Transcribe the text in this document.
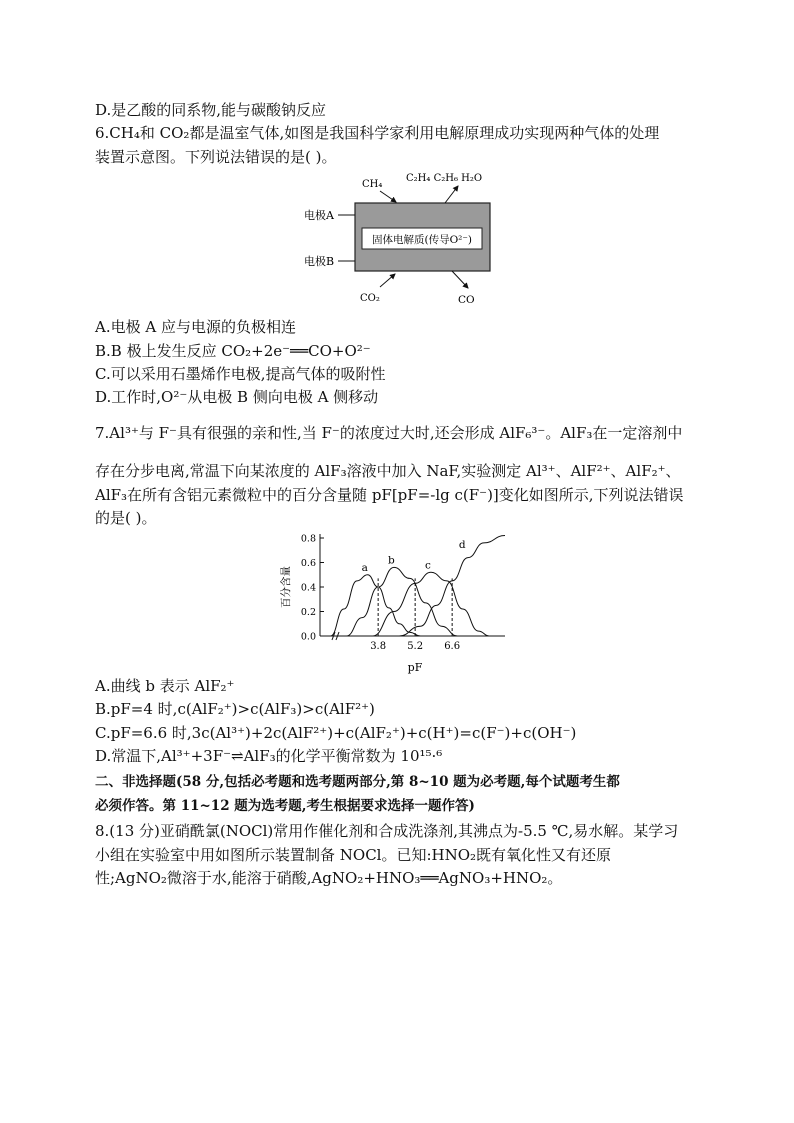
D.是乙酸的同系物,能与碳酸钠反应
6.CH₄和 CO₂都是温室气体,如图是我国科学家利用电解原理成功实现两种气体的处理
装置示意图。下列说法错误的是( )。
固体电解质(传导O²⁻)
电极A
电极B
CH₄
C₂H₄ C₂H₆ H₂O
CO₂	CO
A.电极 A 应与电源的负极相连
B.B 极上发生反应 CO₂+2e⁻══CO+O²⁻
C.可以采用石墨烯作电极,提高气体的吸附性
D.工作时,O²⁻从电极 B 侧向电极 A 侧移动
7.Al³⁺与 F⁻具有很强的亲和性,当 F⁻的浓度过大时,还会形成 AlF₆³⁻。AlF₃在一定溶剂中
存在分步电离,常温下向某浓度的 AlF₃溶液中加入 NaF,实验测定 Al³⁺、AlF²⁺、AlF₂⁺、
AlF₃在所有含铝元素微粒中的百分含量随 pF[pF=-lg c(F⁻)]变化如图所示,下列说法错误
的是( )。
0.0
0.2
0.4
0.6
0.8
3.8 5.2 6.6
a
b	c
d
百分含量
pF
A.曲线 b 表示 AlF₂⁺
B.pF=4 时,c(AlF₂⁺)>c(AlF₃)>c(AlF²⁺)
C.pF=6.6 时,3c(Al³⁺)+2c(AlF²⁺)+c(AlF₂⁺)+c(H⁺)=c(F⁻)+c(OH⁻)
D.常温下,Al³⁺+3F⁻⇌AlF₃的化学平衡常数为 10¹⁵·⁶
二、非选择题(58 分,包括必考题和选考题两部分,第 8~10 题为必考题,每个试题考生都
必须作答。第 11~12 题为选考题,考生根据要求选择一题作答)
8.(13 分)亚硝酰氯(NOCl)常用作催化剂和合成洗涤剂,其沸点为-5.5 ℃,易水解。某学习
小组在实验室中用如图所示装置制备 NOCl。已知:HNO₂既有氧化性又有还原
性;AgNO₂微溶于水,能溶于硝酸,AgNO₂+HNO₃══AgNO₃+HNO₂。
